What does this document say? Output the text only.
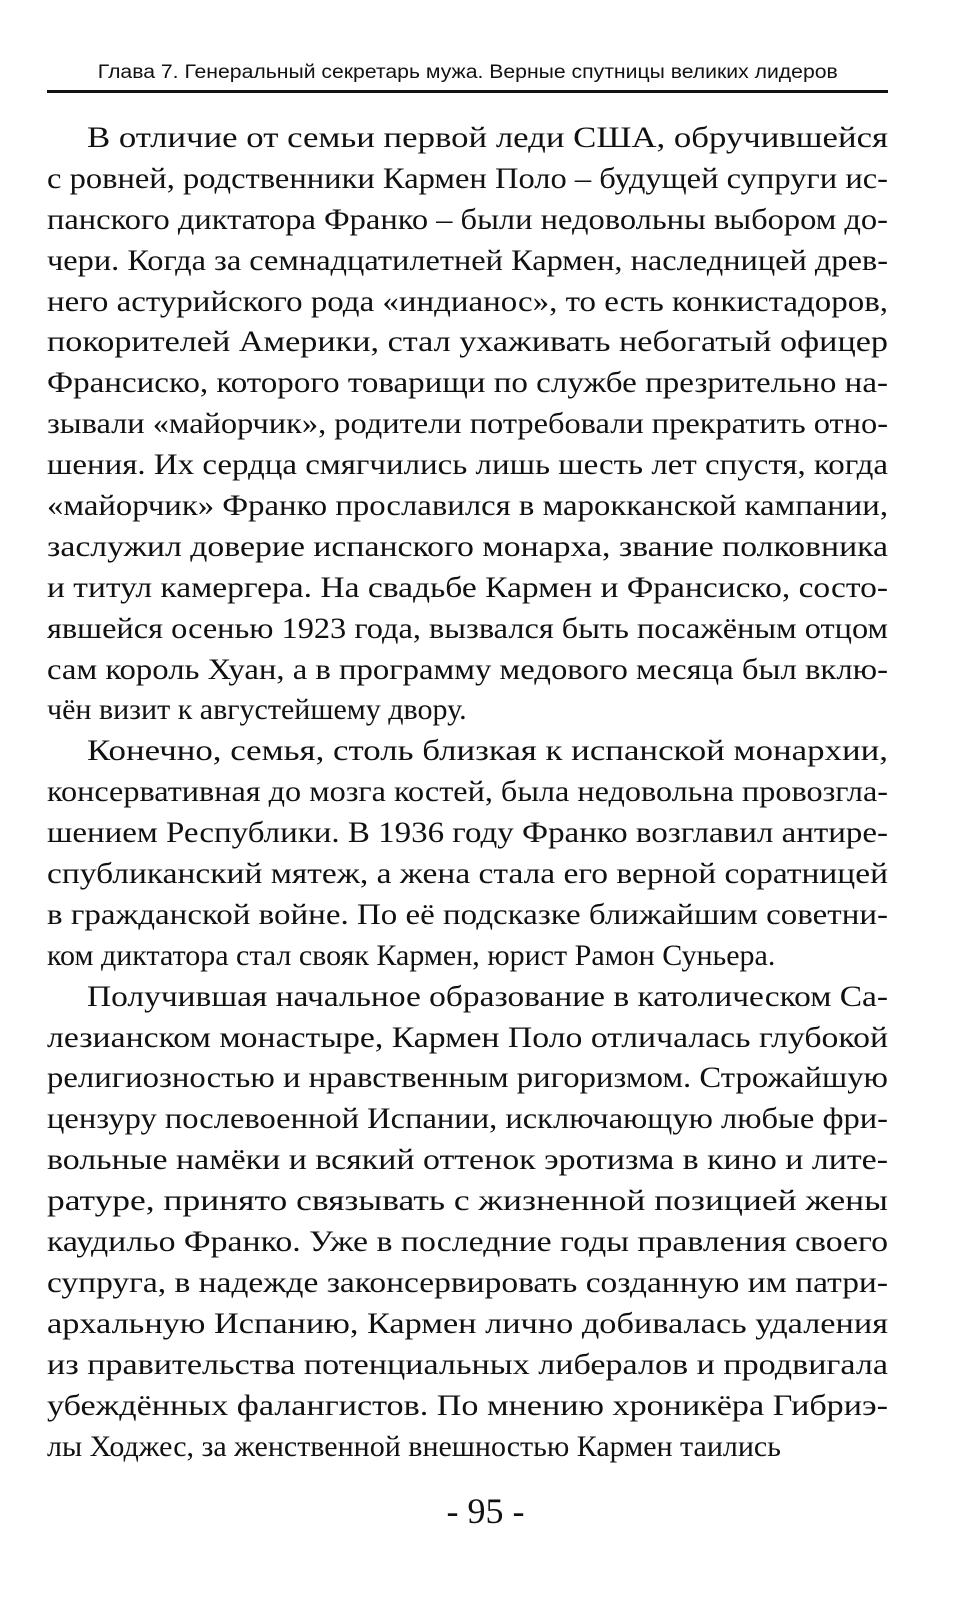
Глава 7. Генеральный секретарь мужа. Верные спутницы великих лидеров
В отличие от семьи первой леди США, обручившейся
с ровней, родственники Кармен Поло – будущей супруги ис-
панского диктатора Франко – были недовольны выбором до-
чери. Когда за семнадцатилетней Кармен, наследницей древ-
него астурийского рода «индианос», то есть конкистадоров,
покорителей Америки, стал ухаживать небогатый офицер
Франсиско, которого товарищи по службе презрительно на-
зывали «майорчик», родители потребовали прекратить отно-
шения. Их сердца смягчились лишь шесть лет спустя, когда
«майорчик» Франко прославился в марокканской кампании,
заслужил доверие испанского монарха, звание полковника
и титул камергера. На свадьбе Кармен и Франсиско, состо-
явшейся осенью 1923 года, вызвался быть посажёным отцом
сам король Хуан, а в программу медового месяца был вклю-
чён визит к августейшему двору.
Конечно, семья, столь близкая к испанской монархии,
консервативная до мозга костей, была недовольна провозгла-
шением Республики. В 1936 году Франко возглавил антире-
спубликанский мятеж, а жена стала его верной соратницей
в гражданской войне. По её подсказке ближайшим советни-
ком диктатора стал свояк Кармен, юрист Рамон Суньера.
Получившая начальное образование в католическом Са-
лезианском монастыре, Кармен Поло отличалась глубокой
религиозностью и нравственным ригоризмом. Строжайшую
цензуру послевоенной Испании, исключающую любые фри-
вольные намёки и всякий оттенок эротизма в кино и лите-
ратуре, принято связывать с жизненной позицией жены
каудильо Франко. Уже в последние годы правления своего
супруга, в надежде законсервировать созданную им патри-
архальную Испанию, Кармен лично добивалась удаления
из правительства потенциальных либералов и продвигала
убеждённых фалангистов. По мнению хроникёра Гибриэ-
лы Ходжес, за женственной внешностью Кармен таились
- 95 -
